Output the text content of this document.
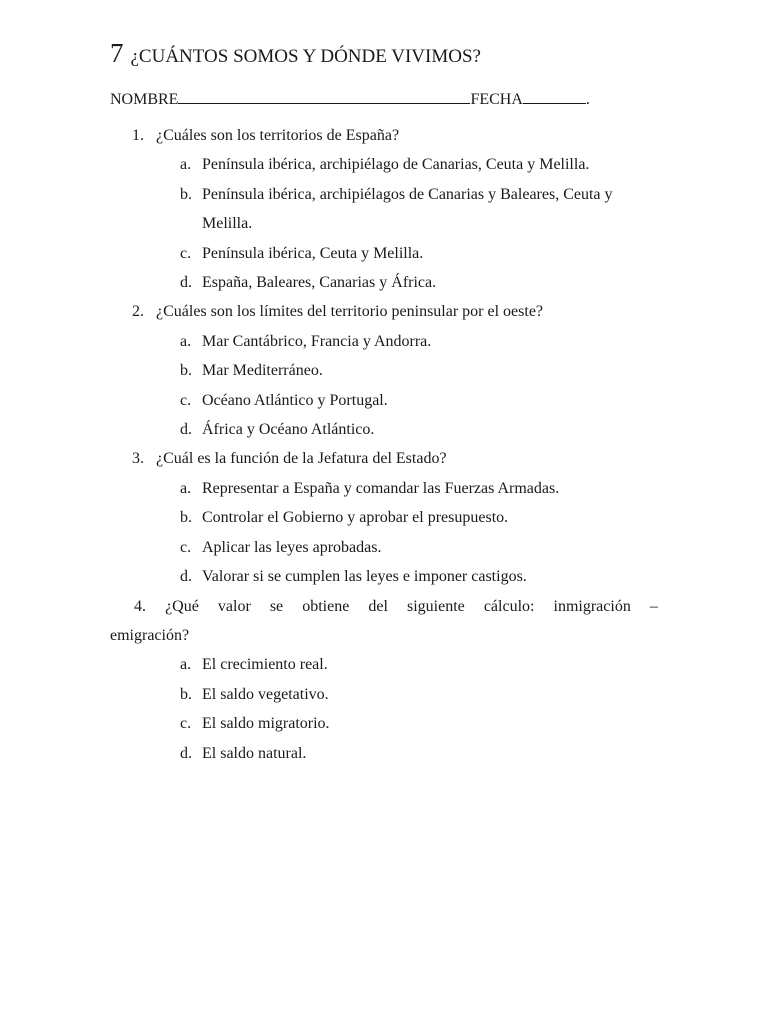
7 ¿CUÁNTOS SOMOS Y DÓNDE VIVIMOS?
NOMBRE	FECHA	.
1. ¿Cuáles son los territorios de España?
a. Península ibérica, archipiélago de Canarias, Ceuta y Melilla.
b. Península ibérica, archipiélagos de Canarias y Baleares, Ceuta y Melilla.
c. Península ibérica, Ceuta y Melilla.
d. España, Baleares, Canarias y África.
2. ¿Cuáles son los límites del territorio peninsular por el oeste?
a. Mar Cantábrico, Francia y Andorra.
b. Mar Mediterráneo.
c. Océano Atlántico y Portugal.
d. África y Océano Atlántico.
3. ¿Cuál es la función de la Jefatura del Estado?
a. Representar a España y comandar las Fuerzas Armadas.
b. Controlar el Gobierno y aprobar el presupuesto.
c. Aplicar las leyes aprobadas.
d. Valorar si se cumplen las leyes e imponer castigos.
4. ¿Qué valor se obtiene del siguiente cálculo: inmigración –
emigración?
a. El crecimiento real.
b. El saldo vegetativo.
c. El saldo migratorio.
d. El saldo natural.
